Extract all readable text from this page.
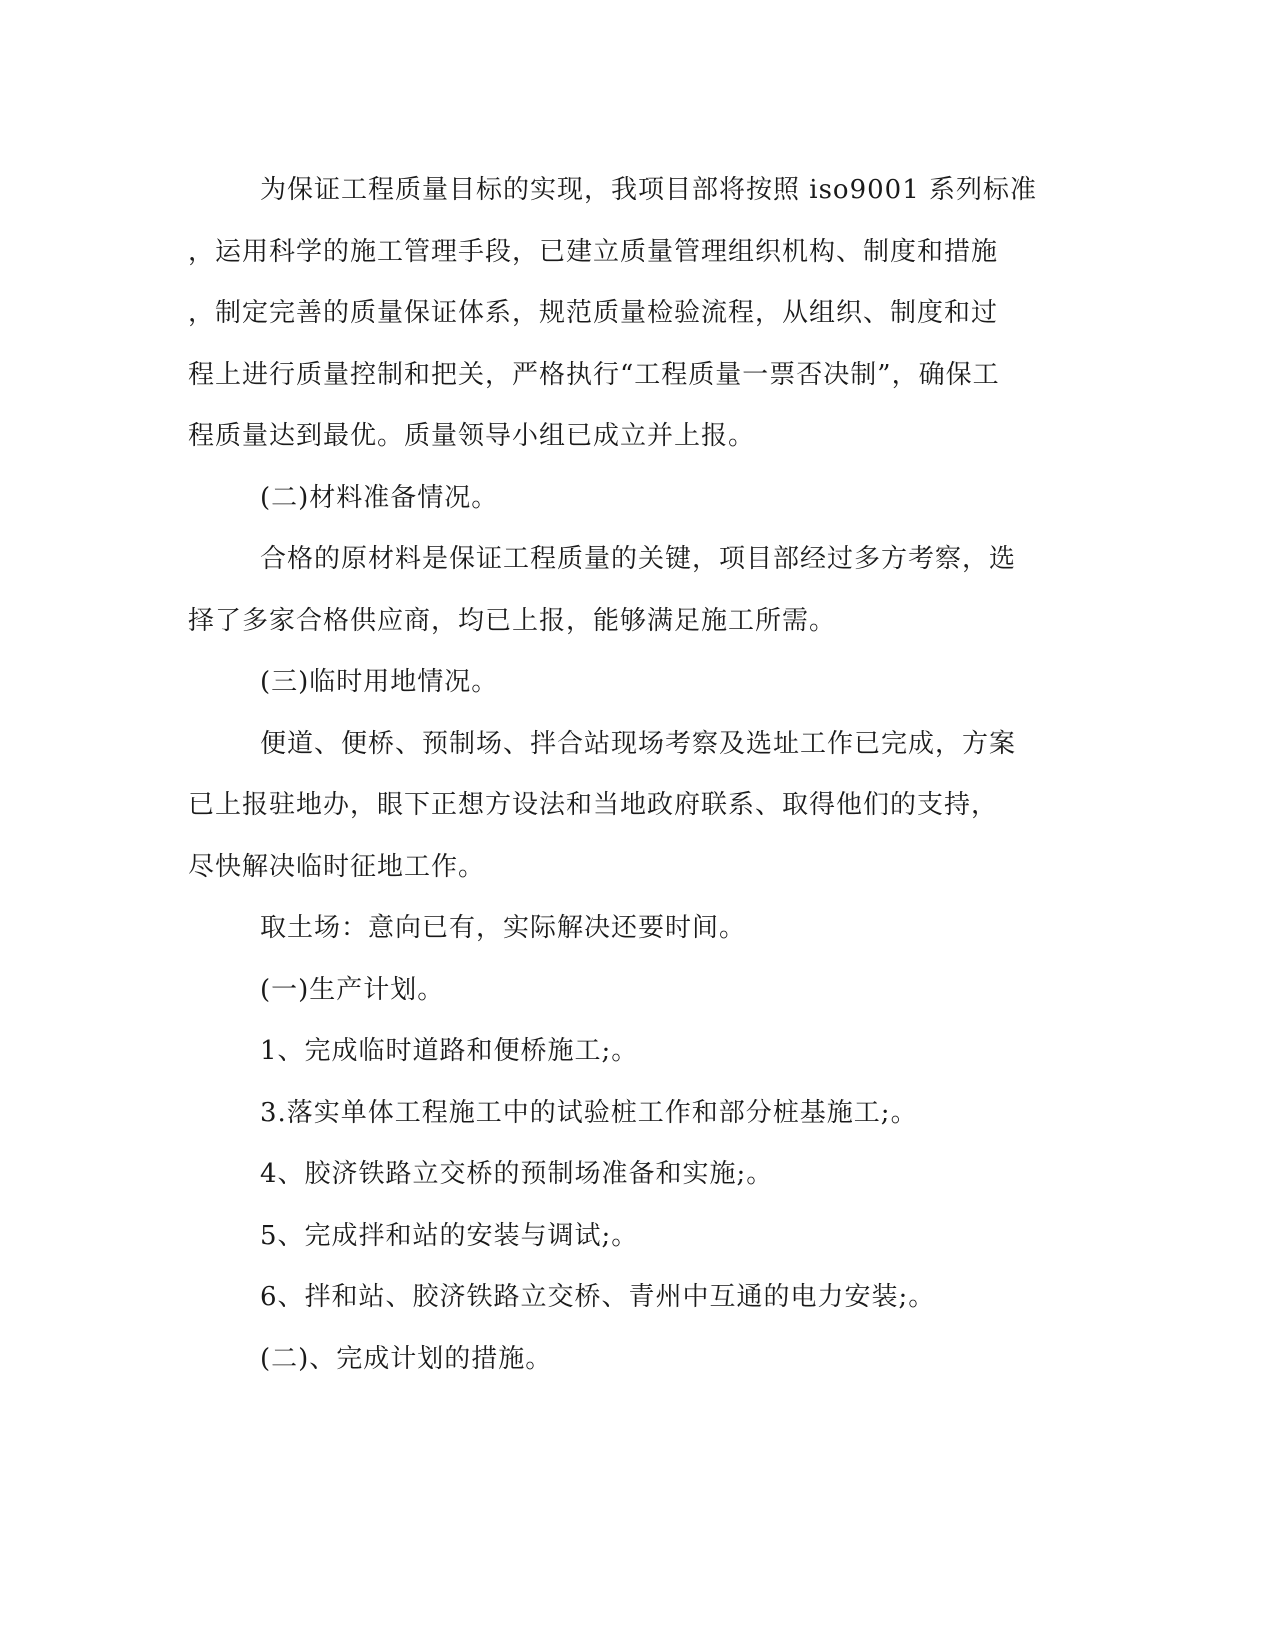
为保证工程质量目标的实现，我项目部将按照 iso9001 系列标准
，运用科学的施工管理手段，已建立质量管理组织机构、制度和措施
，制定完善的质量保证体系，规范质量检验流程，从组织、制度和过
程上进行质量控制和把关，严格执行“工程质量一票否决制”，确保工
程质量达到最优。质量领导小组已成立并上报。
(二)材料准备情况。
合格的原材料是保证工程质量的关键，项目部经过多方考察，选
择了多家合格供应商，均已上报，能够满足施工所需。
(三)临时用地情况。
便道、便桥、预制场、拌合站现场考察及选址工作已完成，方案
已上报驻地办，眼下正想方设法和当地政府联系、取得他们的支持，
尽快解决临时征地工作。
取土场：意向已有，实际解决还要时间。
(一)生产计划。
1、完成临时道路和便桥施工;。
3.落实单体工程施工中的试验桩工作和部分桩基施工;。
4、胶济铁路立交桥的预制场准备和实施;。
5、完成拌和站的安装与调试;。
6、拌和站、胶济铁路立交桥、青州中互通的电力安装;。
(二)、完成计划的措施。
